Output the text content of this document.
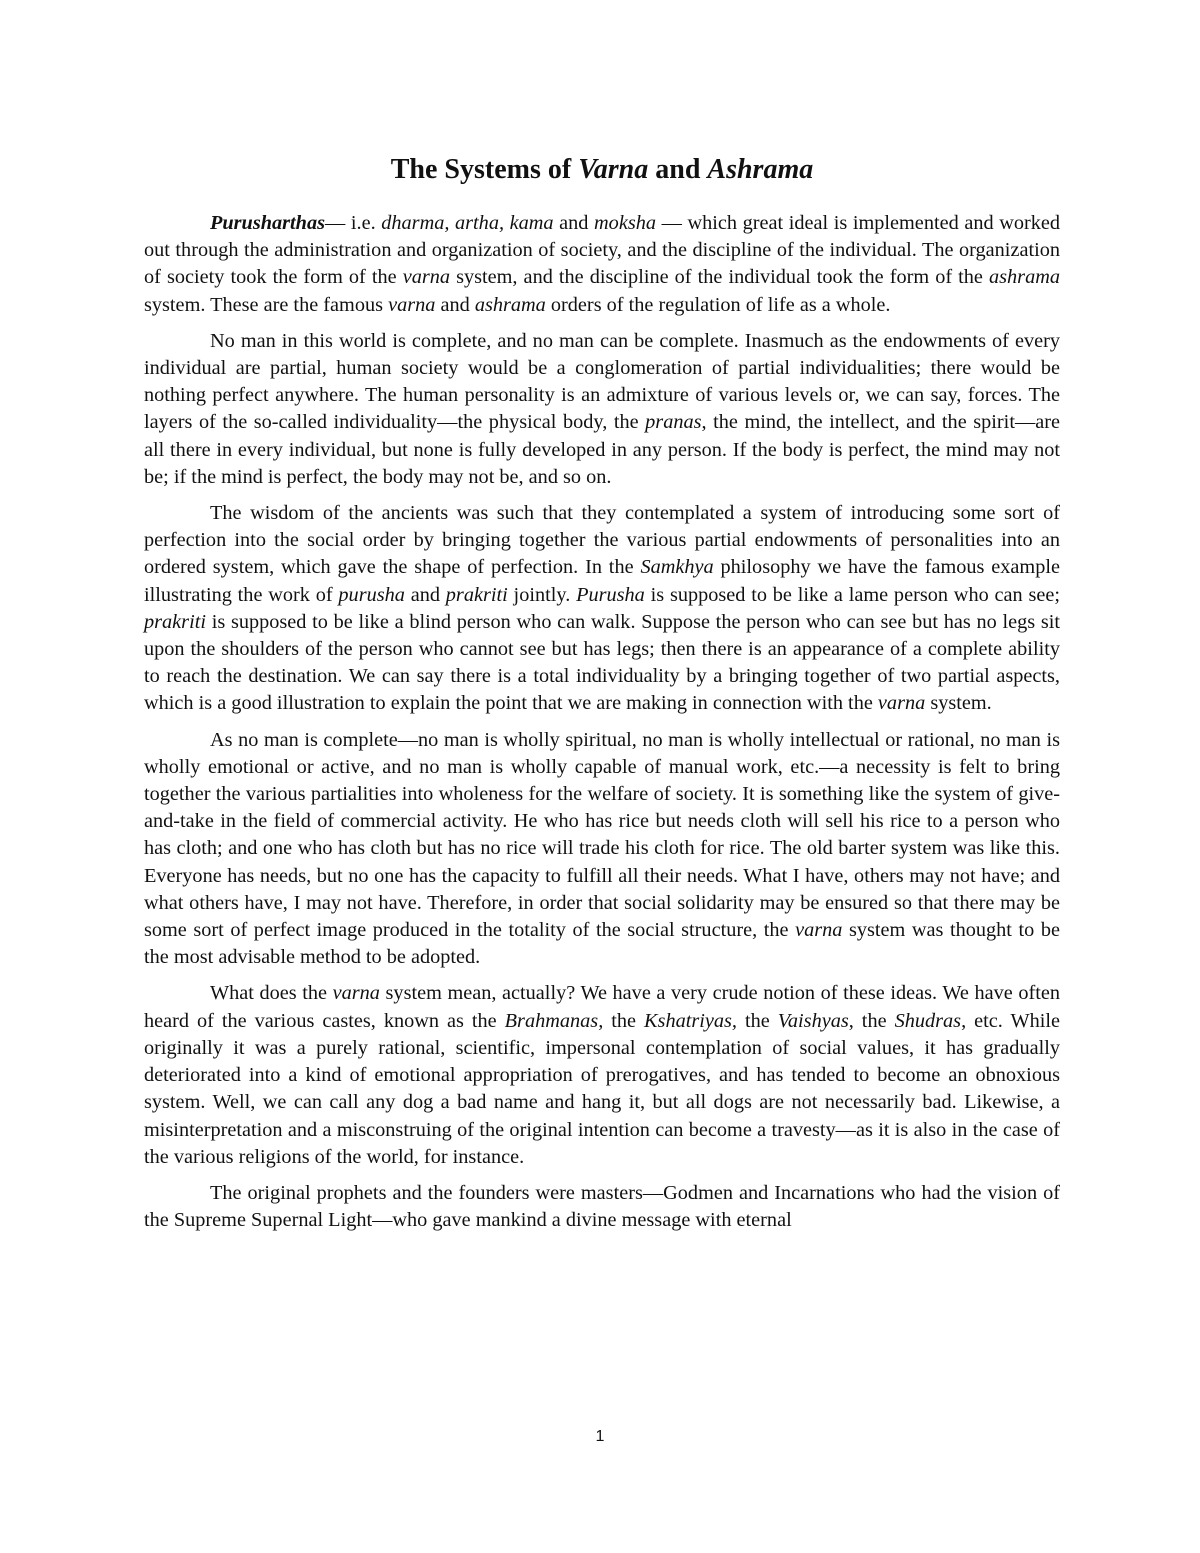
The Systems of Varna and Ashrama

Purusharthas— i.e. dharma, artha, kama and moksha — which great ideal is implemented and worked out through the administration and organization of society, and the discipline of the individual. The organization of society took the form of the varna system, and the discipline of the individual took the form of the ashrama system. These are the famous varna and ashrama orders of the regulation of life as a whole.

No man in this world is complete, and no man can be complete. Inasmuch as the endowments of every individual are partial, human society would be a conglomeration of partial individualities; there would be nothing perfect anywhere. The human personality is an admixture of various levels or, we can say, forces. The layers of the so-called individuality—the physical body, the pranas, the mind, the intellect, and the spirit—are all there in every individual, but none is fully developed in any person. If the body is perfect, the mind may not be; if the mind is perfect, the body may not be, and so on.

The wisdom of the ancients was such that they contemplated a system of introducing some sort of perfection into the social order by bringing together the various partial endowments of personalities into an ordered system, which gave the shape of perfection. In the Samkhya philosophy we have the famous example illustrating the work of purusha and prakriti jointly. Purusha is supposed to be like a lame person who can see; prakriti is supposed to be like a blind person who can walk. Suppose the person who can see but has no legs sit upon the shoulders of the person who cannot see but has legs; then there is an appearance of a complete ability to reach the destination. We can say there is a total individuality by a bringing together of two partial aspects, which is a good illustration to explain the point that we are making in connection with the varna system.

As no man is complete—no man is wholly spiritual, no man is wholly intellectual or rational, no man is wholly emotional or active, and no man is wholly capable of manual work, etc.—a necessity is felt to bring together the various partialities into wholeness for the welfare of society. It is something like the system of give-and-take in the field of commercial activity. He who has rice but needs cloth will sell his rice to a person who has cloth; and one who has cloth but has no rice will trade his cloth for rice. The old barter system was like this. Everyone has needs, but no one has the capacity to fulfill all their needs. What I have, others may not have; and what others have, I may not have. Therefore, in order that social solidarity may be ensured so that there may be some sort of perfect image produced in the totality of the social structure, the varna system was thought to be the most advisable method to be adopted.

What does the varna system mean, actually? We have a very crude notion of these ideas. We have often heard of the various castes, known as the Brahmanas, the Kshatriyas, the Vaishyas, the Shudras, etc. While originally it was a purely rational, scientific, impersonal contemplation of social values, it has gradually deteriorated into a kind of emotional appropriation of prerogatives, and has tended to become an obnoxious system. Well, we can call any dog a bad name and hang it, but all dogs are not necessarily bad. Likewise, a misinterpretation and a misconstruing of the original intention can become a travesty—as it is also in the case of the various religions of the world, for instance.

The original prophets and the founders were masters—Godmen and Incarnations who had the vision of the Supreme Supernal Light—who gave mankind a divine message with eternal

1
